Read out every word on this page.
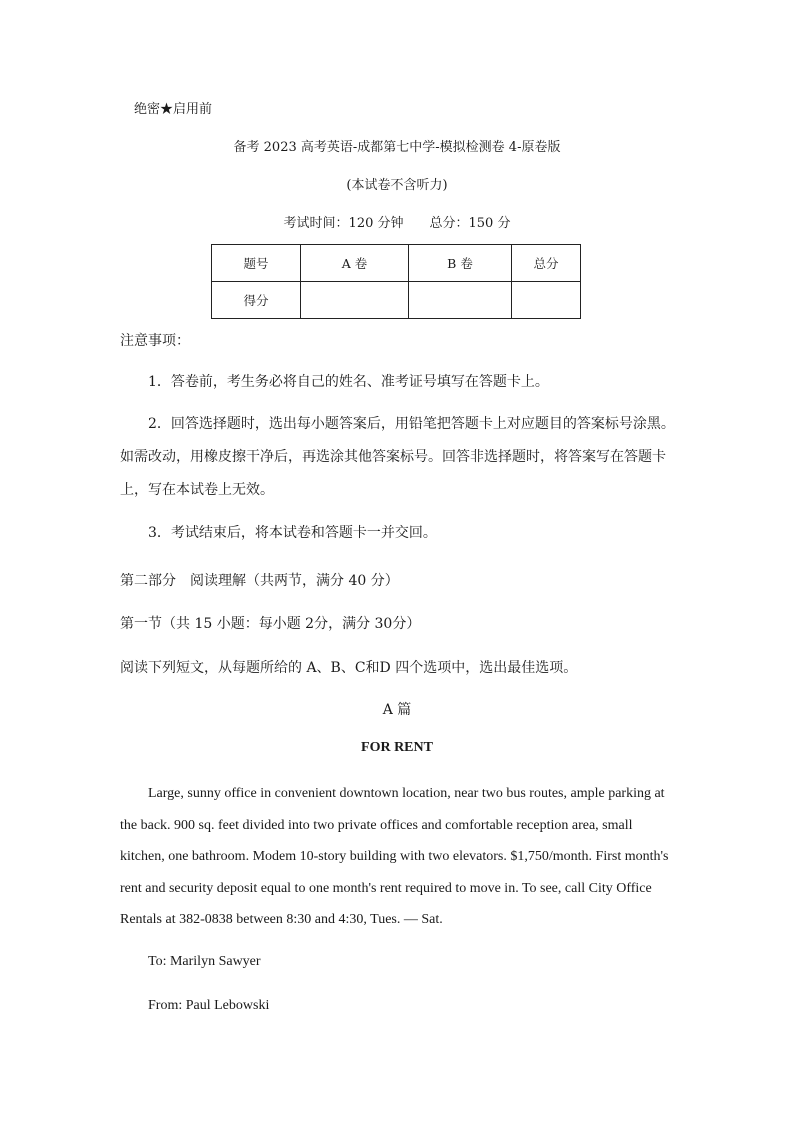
绝密★启用前
备考 2023 高考英语-成都第七中学-模拟检测卷 4-原卷版
(本试卷不含听力)
考试时间：120 分钟 总分：150 分
题号	A 卷	B 卷	总分
得分			
注意事项：
1．答卷前，考生务必将自己的姓名、准考证号填写在答题卡上。
2．回答选择题时，选出每小题答案后，用铅笔把答题卡上对应题目的答案标号涂黑。如需改动，用橡皮擦干净后，再选涂其他答案标号。回答非选择题时，将答案写在答题卡上，写在本试卷上无效。
3．考试结束后，将本试卷和答题卡一并交回。
第二部分　阅读理解（共两节，满分 40 分）
第一节（共 15 小题：每小题 2分，满分 30分）
阅读下列短文，从每题所给的 A、B、C和D 四个选项中，选出最佳选项。
A 篇
FOR RENT
Large, sunny office in convenient downtown location, near two bus routes, ample parking at the back. 900 sq. feet divided into two private offices and comfortable reception area, small kitchen, one bathroom. Modem 10-story building with two elevators. $1,750/month. First month's rent and security deposit equal to one month's rent required to move in. To see, call City Office Rentals at 382-0838 between 8:30 and 4:30, Tues. — Sat.
To: Marilyn Sawyer
From: Paul Lebowski
